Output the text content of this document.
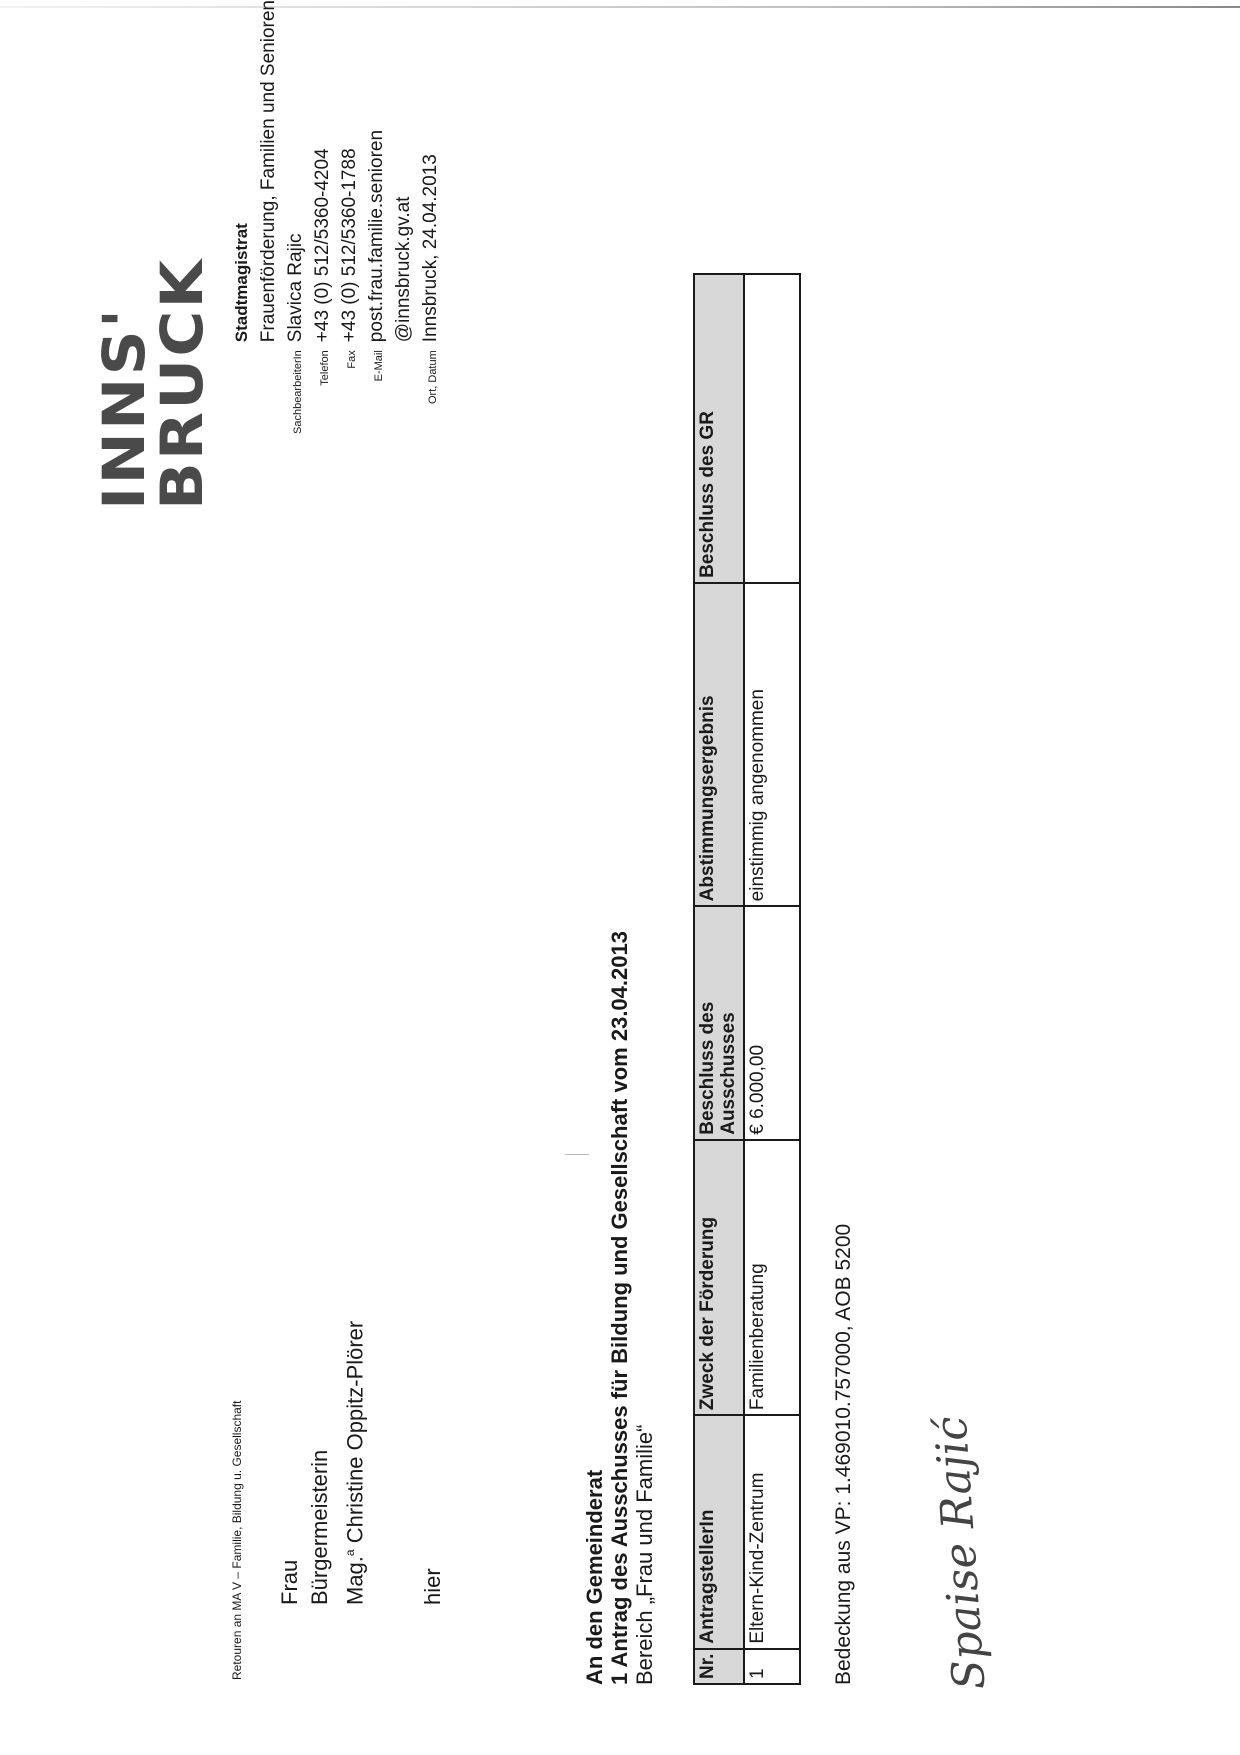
INNS'
BRUCK
Retouren an MA V – Familie, Bildung u. Gesellschaft Frau Bürgermeisterin Mag.$^a$ Christine Oppitz-Plörer
hier
	Stadtmagistrat
	Frauenförderung, Familien und Senioren
SachbearbeiterIn	Slavica Rajic
Telefon	+43 (0) 512/5360-4204
Fax	+43 (0) 512/5360-1788
E-Mail	post.frau.familie.senioren
	@innsbruck.gv.at
Ort, Datum	Innsbruck, 24.04.2013
An den Gemeinderat 1 Antrag des Ausschusses für Bildung und Gesellschaft vom 23.04.2013 Bereich „Frau und Familie“ Nr.	AntragstellerIn	Zweck der Förderung	Beschluss des Ausschusses	Abstimmungsergebnis	Beschluss des GR
1	Eltern-Kind-Zentrum	Familienberatung	€ 6.000,00	einstimmig angenommen	
Bedeckung aus VP: 1.469010.757000, AOB 5200 Spaise Rajić
